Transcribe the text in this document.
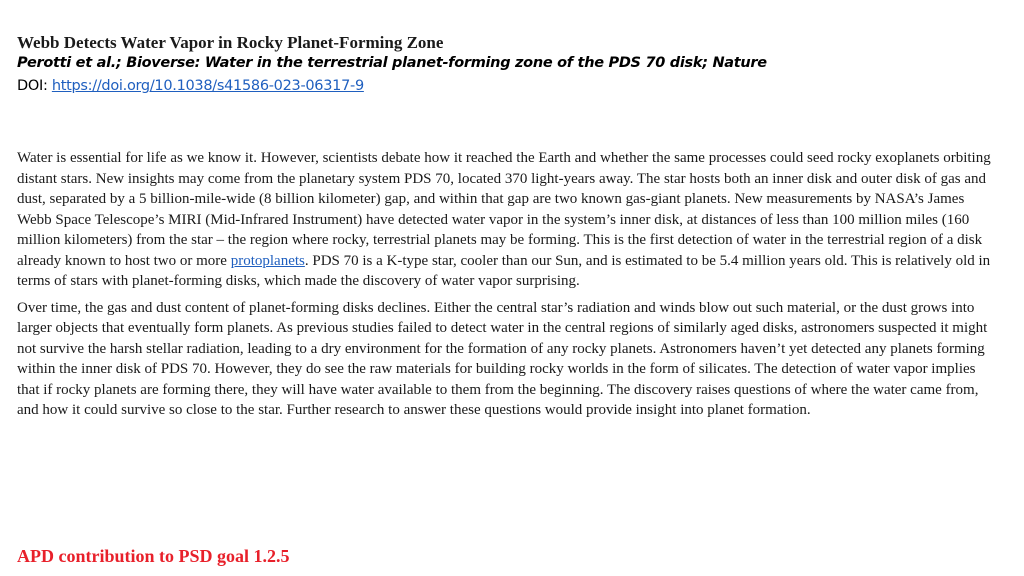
Webb Detects Water Vapor in Rocky Planet-Forming Zone
Perotti et al.; Bioverse: Water in the terrestrial planet-forming zone of the PDS 70 disk; Nature
DOI: https://doi.org/10.1038/s41586-023-06317-9

Water is essential for life as we know it. However, scientists debate how it reached the Earth and whether the same processes could seed rocky exoplanets orbiting distant stars. New insights may come from the planetary system PDS 70, located 370 light-years away. The star hosts both an inner disk and outer disk of gas and dust, separated by a 5 billion-mile-wide (8 billion kilometer) gap, and within that gap are two known gas-giant planets. New measurements by NASA’s James Webb Space Telescope’s MIRI (Mid-Infrared Instrument) have detected water vapor in the system’s inner disk, at distances of less than 100 million miles (160 million kilometers) from the star – the region where rocky, terrestrial planets may be forming. This is the first detection of water in the terrestrial region of a disk already known to host two or more protoplanets. PDS 70 is a K-type star, cooler than our Sun, and is estimated to be 5.4 million years old. This is relatively old in terms of stars with planet-forming disks, which made the discovery of water vapor surprising.

Over time, the gas and dust content of planet-forming disks declines. Either the central star’s radiation and winds blow out such material, or the dust grows into larger objects that eventually form planets. As previous studies failed to detect water in the central regions of similarly aged disks, astronomers suspected it might not survive the harsh stellar radiation, leading to a dry environment for the formation of any rocky planets. Astronomers haven’t yet detected any planets forming within the inner disk of PDS 70. However, they do see the raw materials for building rocky worlds in the form of silicates. The detection of water vapor implies that if rocky planets are forming there, they will have water available to them from the beginning. The discovery raises questions of where the water came from, and how it could survive so close to the star. Further research to answer these questions would provide insight into planet formation.

APD contribution to PSD goal 1.2.5
